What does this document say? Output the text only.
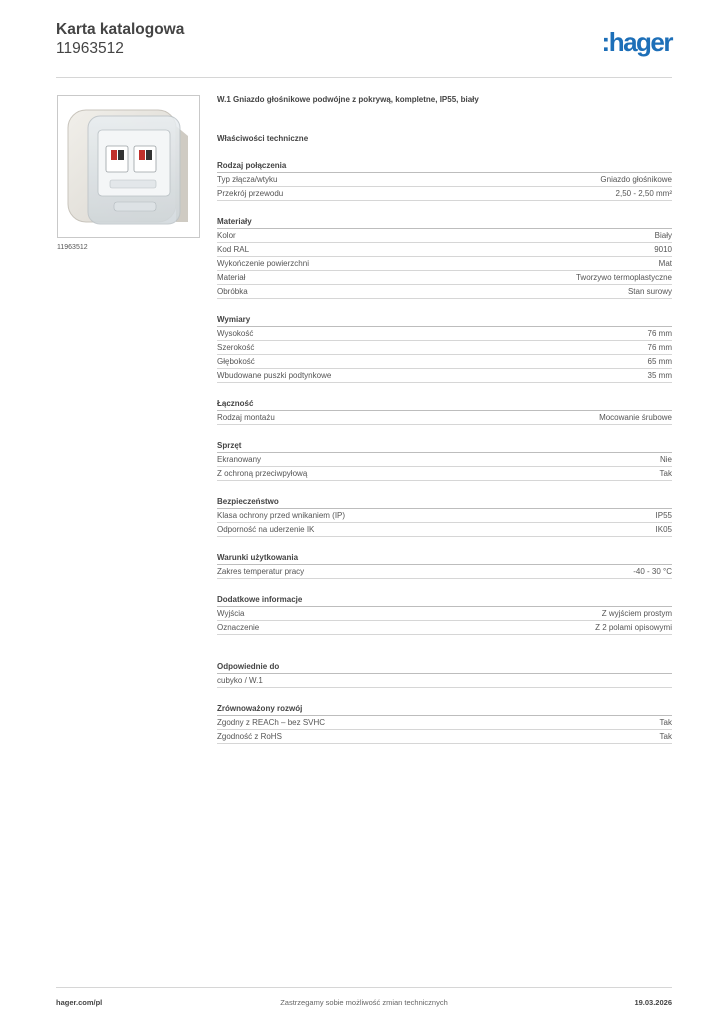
Karta katalogowa
11963512	:hager
11963512
W.1 Gniazdo głośnikowe podwójne z pokrywą, kompletne, IP55, biały
Właściwości techniczne
Rodzaj połączenia
Typ złącza/wtyku	Gniazdo głośnikowe
Przekrój przewodu	2,50 - 2,50 mm²
Materiały
Kolor	Biały
Kod RAL	9010
Wykończenie powierzchni	Mat
Materiał	Tworzywo termoplastyczne
Obróbka	Stan surowy
Wymiary
Wysokość	76 mm
Szerokość	76 mm
Głębokość	65 mm
Wbudowane puszki podtynkowe	35 mm
Łączność
Rodzaj montażu	Mocowanie śrubowe
Sprzęt
Ekranowany	Nie
Z ochroną przeciwpyłową	Tak
Bezpieczeństwo
Klasa ochrony przed wnikaniem (IP)	IP55
Odporność na uderzenie IK	IK05
Warunki użytkowania
Zakres temperatur pracy	-40 - 30 °C
Dodatkowe informacje
Wyjścia	Z wyjściem prostym
Oznaczenie	Z 2 polami opisowymi
Odpowiednie do
cubyko / W.1
Zrównoważony rozwój
Zgodny z REACh – bez SVHC	Tak
Zgodność z RoHS	Tak
hager.com/pl	Zastrzegamy sobie możliwość zmian technicznych	19.03.2026
